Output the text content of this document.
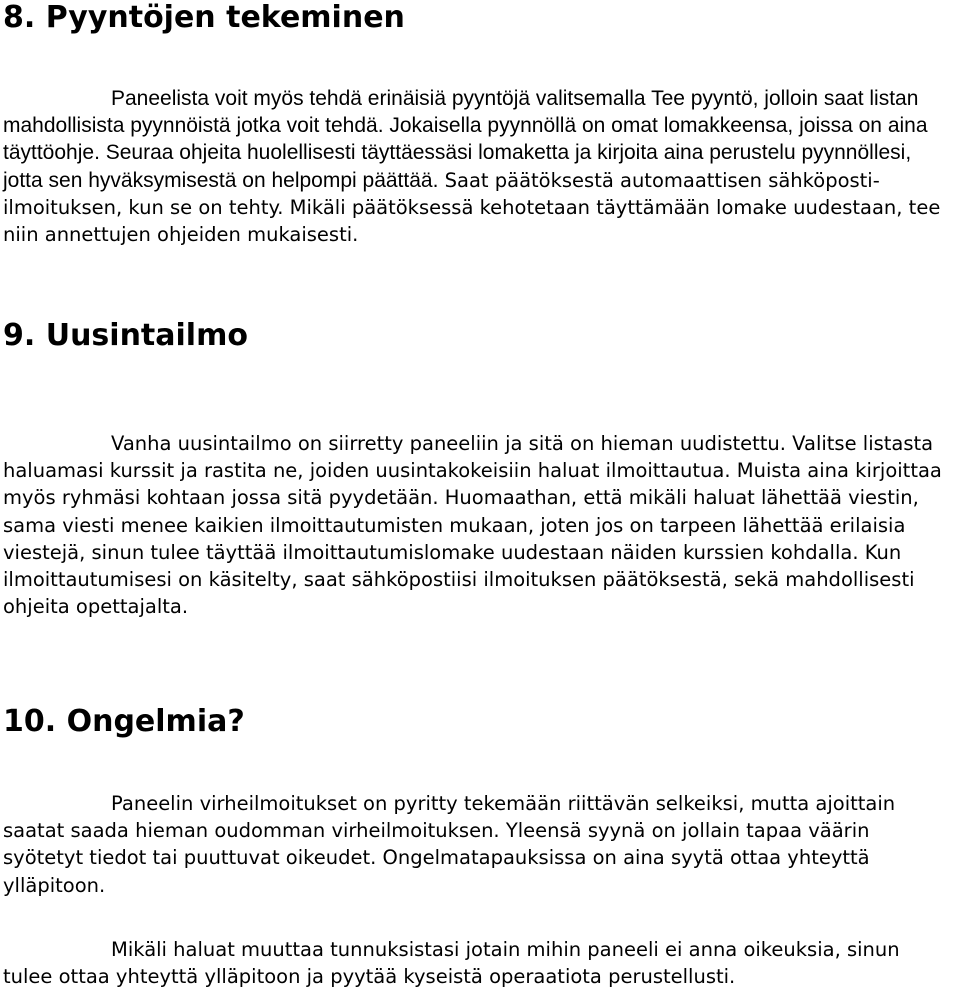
8. Pyyntöjen tekeminen

Paneelista voit myös tehdä erinäisiä pyyntöjä valitsemalla Tee pyyntö, jolloin saat listan mahdollisista pyynnöistä jotka voit tehdä. Jokaisella pyynnöllä on omat lomakkeensa, joissa on aina täyttöohje. Seuraa ohjeita huolellisesti täyttäessäsi lomaketta ja kirjoita aina perustelu pyynnöllesi, jotta sen hyväksymisestä on helpompi päättää. Saat päätöksestä automaattisen sähköposti-ilmoituksen, kun se on tehty. Mikäli päätöksessä kehotetaan täyttämään lomake uudestaan, tee niin annettujen ohjeiden mukaisesti.

9. Uusintailmo

Vanha uusintailmo on siirretty paneeliin ja sitä on hieman uudistettu. Valitse listasta haluamasi kurssit ja rastita ne, joiden uusintakokeisiin haluat ilmoittautua. Muista aina kirjoittaa myös ryhmäsi kohtaan jossa sitä pyydetään. Huomaathan, että mikäli haluat lähettää viestin, sama viesti menee kaikien ilmoittautumisten mukaan, joten jos on tarpeen lähettää erilaisia viestejä, sinun tulee täyttää ilmoittautumislomake uudestaan näiden kurssien kohdalla. Kun ilmoittautumisesi on käsitelty, saat sähköpostiisi ilmoituksen päätöksestä, sekä mahdollisesti ohjeita opettajalta.

10. Ongelmia?

Paneelin virheilmoitukset on pyritty tekemään riittävän selkeiksi, mutta ajoittain saatat saada hieman oudomman virheilmoituksen. Yleensä syynä on jollain tapaa väärin syötetyt tiedot tai puuttuvat oikeudet. Ongelmatapauksissa on aina syytä ottaa yhteyttä ylläpitoon.

Mikäli haluat muuttaa tunnuksistasi jotain mihin paneeli ei anna oikeuksia, sinun tulee ottaa yhteyttä ylläpitoon ja pyytää kyseistä operaatiota perustellusti.
